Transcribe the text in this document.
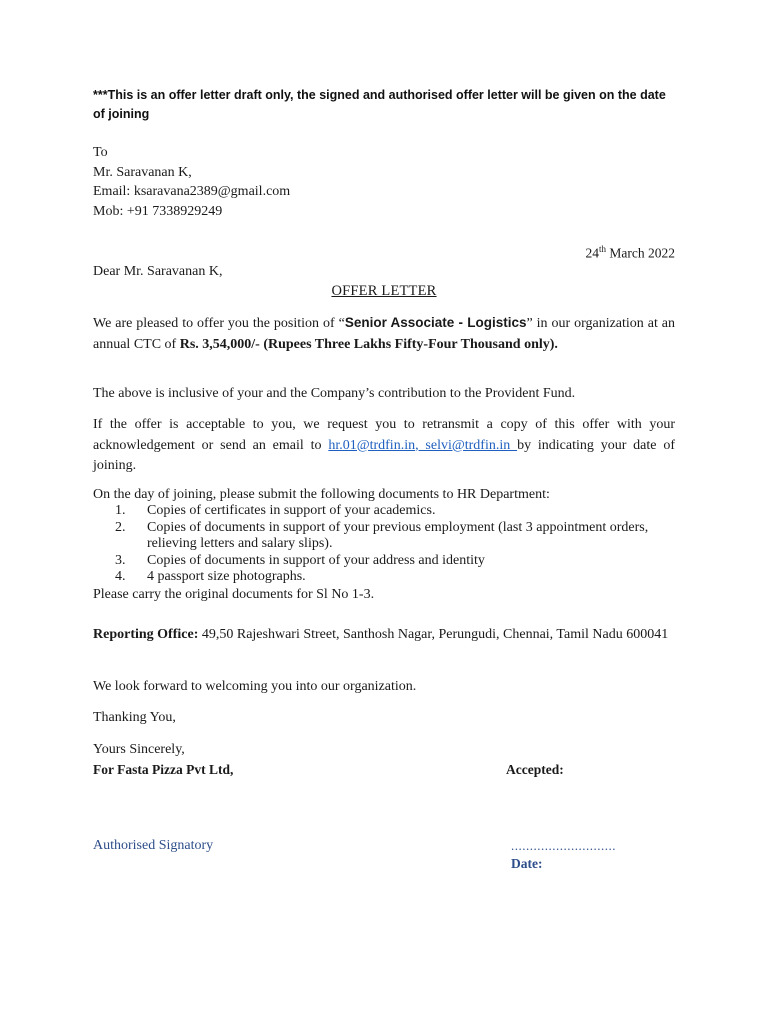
***This is an offer letter draft only, the signed and authorised offer letter will be given on the date of joining
To
Mr. Saravanan K,
Email: ksaravana2389@gmail.com
Mob: +91 7338929249
24th March 2022
Dear Mr. Saravanan K,
OFFER LETTER
We are pleased to offer you the position of “Senior Associate - Logistics” in our organization at an annual CTC of Rs. 3,54,000/- (Rupees Three Lakhs Fifty-Four Thousand only).
The above is inclusive of your and the Company’s contribution to the Provident Fund.
If the offer is acceptable to you, we request you to retransmit a copy of this offer with your acknowledgement or send an email to hr.01@trdfin.in, selvi@trdfin.in by indicating your date of joining.
On the day of joining, please submit the following documents to HR Department:
1. Copies of certificates in support of your academics.
2. Copies of documents in support of your previous employment (last 3 appointment orders, relieving letters and salary slips).
3. Copies of documents in support of your address and identity
4. 4 passport size photographs.
Please carry the original documents for Sl No 1-3.
Reporting Office: 49,50 Rajeshwari Street, Santhosh Nagar, Perungudi, Chennai, Tamil Nadu 600041
We look forward to welcoming you into our organization.
Thanking You,
Yours Sincerely,
For Fasta Pizza Pvt Ltd,	Accepted:
Authorised Signatory	............................
Date:
